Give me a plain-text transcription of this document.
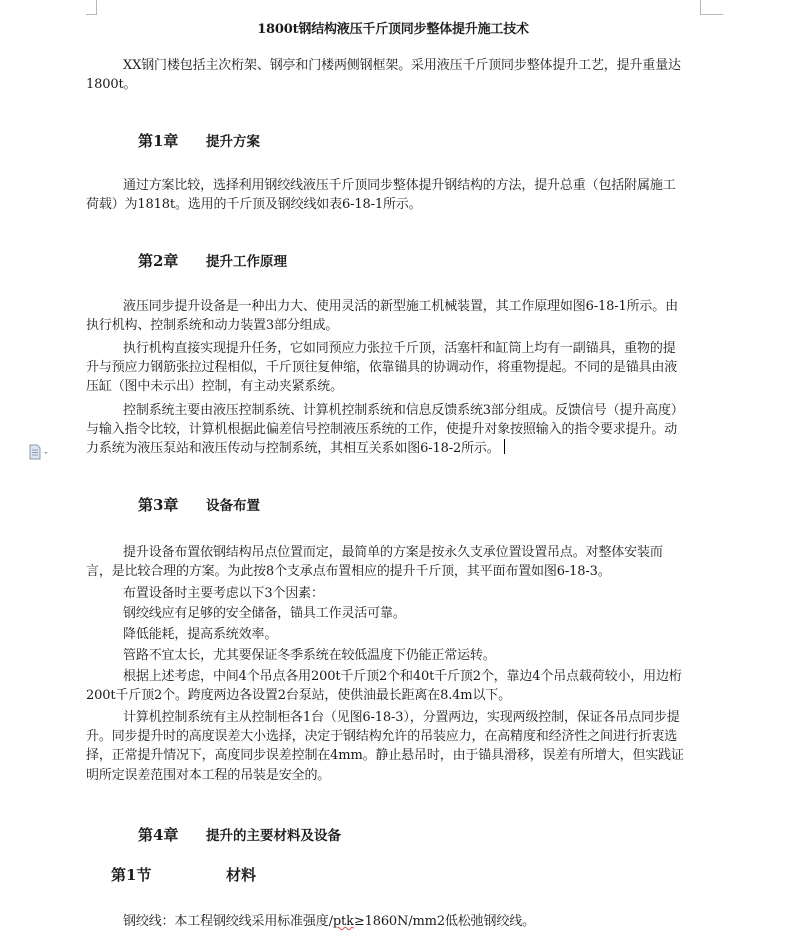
1800t钢结构液压千斤顶同步整体提升施工技术
XX钢门楼包括主次桁架、钢亭和门楼两侧钢框架。采用液压千斤顶同步整体提升工艺，提升重量达1800t。
第1章 提升方案
通过方案比较，选择利用钢绞线液压千斤顶同步整体提升钢结构的方法，提升总重（包括附属施工荷载）为1818t。选用的千斤顶及钢绞线如表6-18-1所示。
第2章 提升工作原理
液压同步提升设备是一种出力大、使用灵活的新型施工机械装置，其工作原理如图6-18-1所示。由执行机构、控制系统和动力装置3部分组成。
执行机构直接实现提升任务，它如同预应力张拉千斤顶，活塞杆和缸筒上均有一副锚具，重物的提升与预应力钢筋张拉过程相似，千斤顶往复伸缩，依靠锚具的协调动作，将重物提起。不同的是锚具由液压缸（图中未示出）控制，有主动夹紧系统。
控制系统主要由液压控制系统、计算机控制系统和信息反馈系统3部分组成。反馈信号（提升高度）与输入指令比较，计算机根据此偏差信号控制液压系统的工作，使提升对象按照输入的指令要求提升。动力系统为液压泵站和液压传动与控制系统，其相互关系如图6-18-2所示。
第3章 设备布置
提升设备布置依钢结构吊点位置而定，最简单的方案是按永久支承位置设置吊点。对整体安装而言，是比较合理的方案。为此按8个支承点布置相应的提升千斤顶，其平面布置如图6-18-3。
布置设备时主要考虑以下3个因素：
钢绞线应有足够的安全储备，锚具工作灵活可靠。
降低能耗，提高系统效率。
管路不宜太长，尤其要保证冬季系统在较低温度下仍能正常运转。
根据上述考虑，中间4个吊点各用200t千斤顶2个和40t千斤顶2个，靠边4个吊点载荷较小，用边桁200t千斤顶2个。跨度两边各设置2台泵站，使供油最长距离在8.4m以下。
计算机控制系统有主从控制柜各1台（见图6-18-3），分置两边，实现两级控制，保证各吊点同步提升。同步提升时的高度误差大小选择，决定于钢结构允许的吊装应力，在高精度和经济性之间进行折衷选择，正常提升情况下，高度同步误差控制在4mm。静止悬吊时，由于锚具滑移，误差有所增大，但实践证明所定误差范围对本工程的吊装是安全的。
第4章 提升的主要材料及设备
第1节	材料
钢绞线：本工程钢绞线采用标准强度/ptk≥1860N/mm2低松弛钢绞线。
